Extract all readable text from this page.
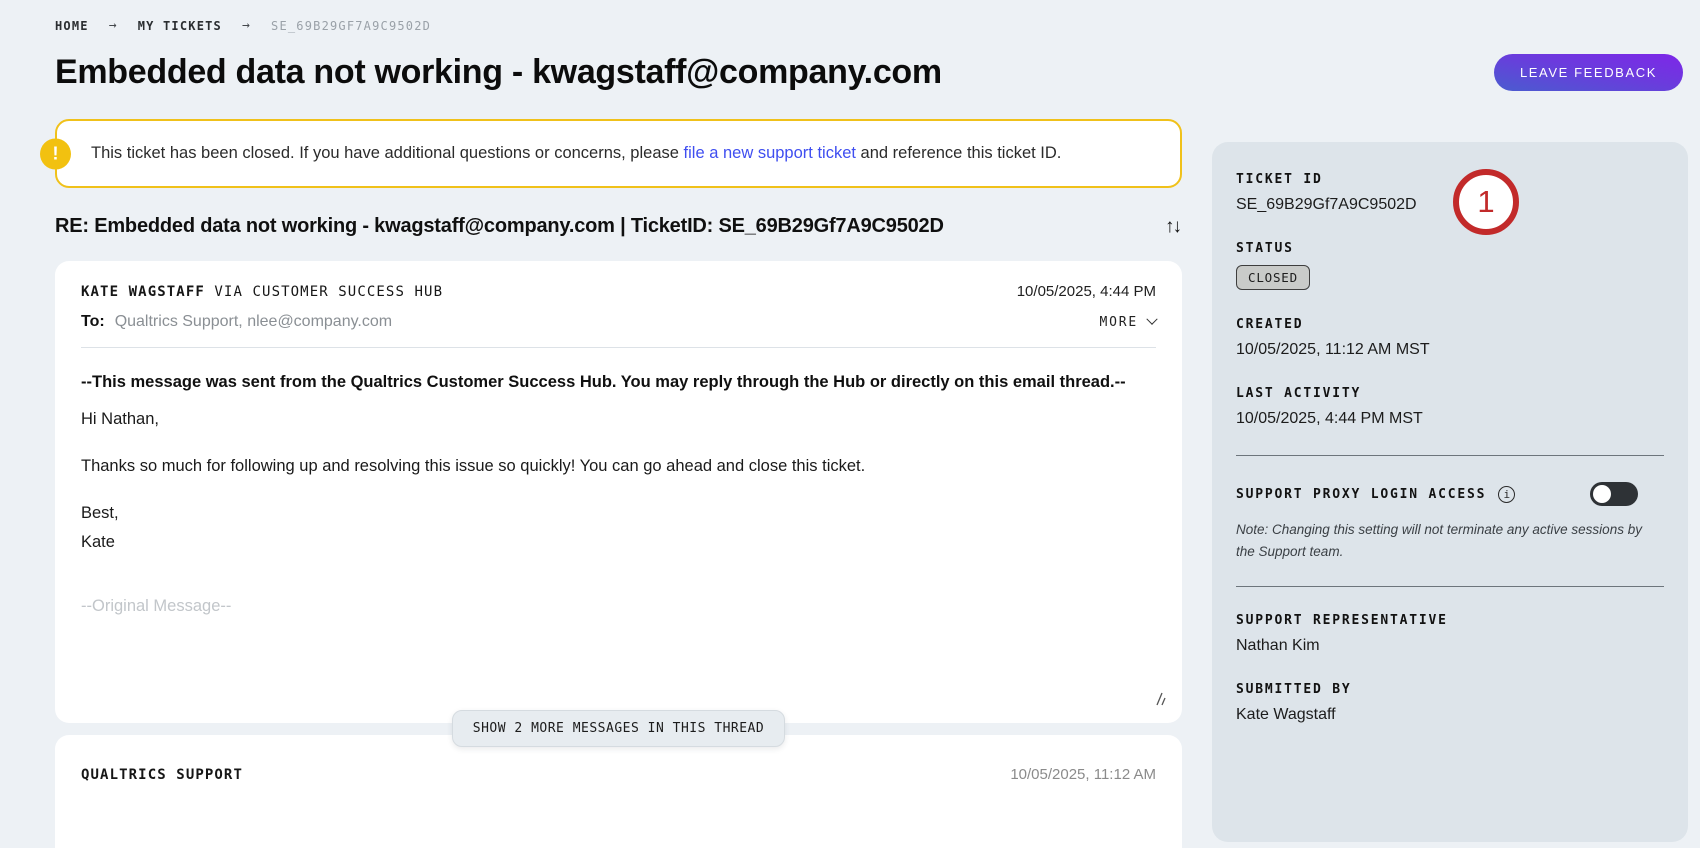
HOME → MY TICKETS → SE_69B29GF7A9C9502D
Embedded data not working - kwagstaff@company.com	LEAVE FEEDBACK
!	This ticket has been closed. If you have additional questions or concerns, please file a new support ticket and reference this ticket ID.
RE: Embedded data not working - kwagstaff@company.com | TicketID: SE_69B29Gf7A9C9502D	↑↓
KATE WAGSTAFF VIA CUSTOMER SUCCESS HUB	10/05/2025, 4:44 PM
To: Qualtrics Support, nlee@company.com	MORE
--This message was sent from the Qualtrics Customer Success Hub. You may reply through the Hub or directly on this email thread.--
Hi Nathan,
Thanks so much for following up and resolving this issue so quickly! You can go ahead and close this ticket.
Best,
Kate
--Original Message--
SHOW 2 MORE MESSAGES IN THIS THREAD
QUALTRICS SUPPORT	10/05/2025, 11:12 AM
TICKET ID
SE_69B29Gf7A9C9502D	1
STATUS
CLOSED
CREATED
10/05/2025, 11:12 AM MST
LAST ACTIVITY
10/05/2025, 4:44 PM MST
SUPPORT PROXY LOGIN ACCESS	i
Note: Changing this setting will not terminate any active sessions by the Support team.
SUPPORT REPRESENTATIVE
Nathan Kim
SUBMITTED BY
Kate Wagstaff
